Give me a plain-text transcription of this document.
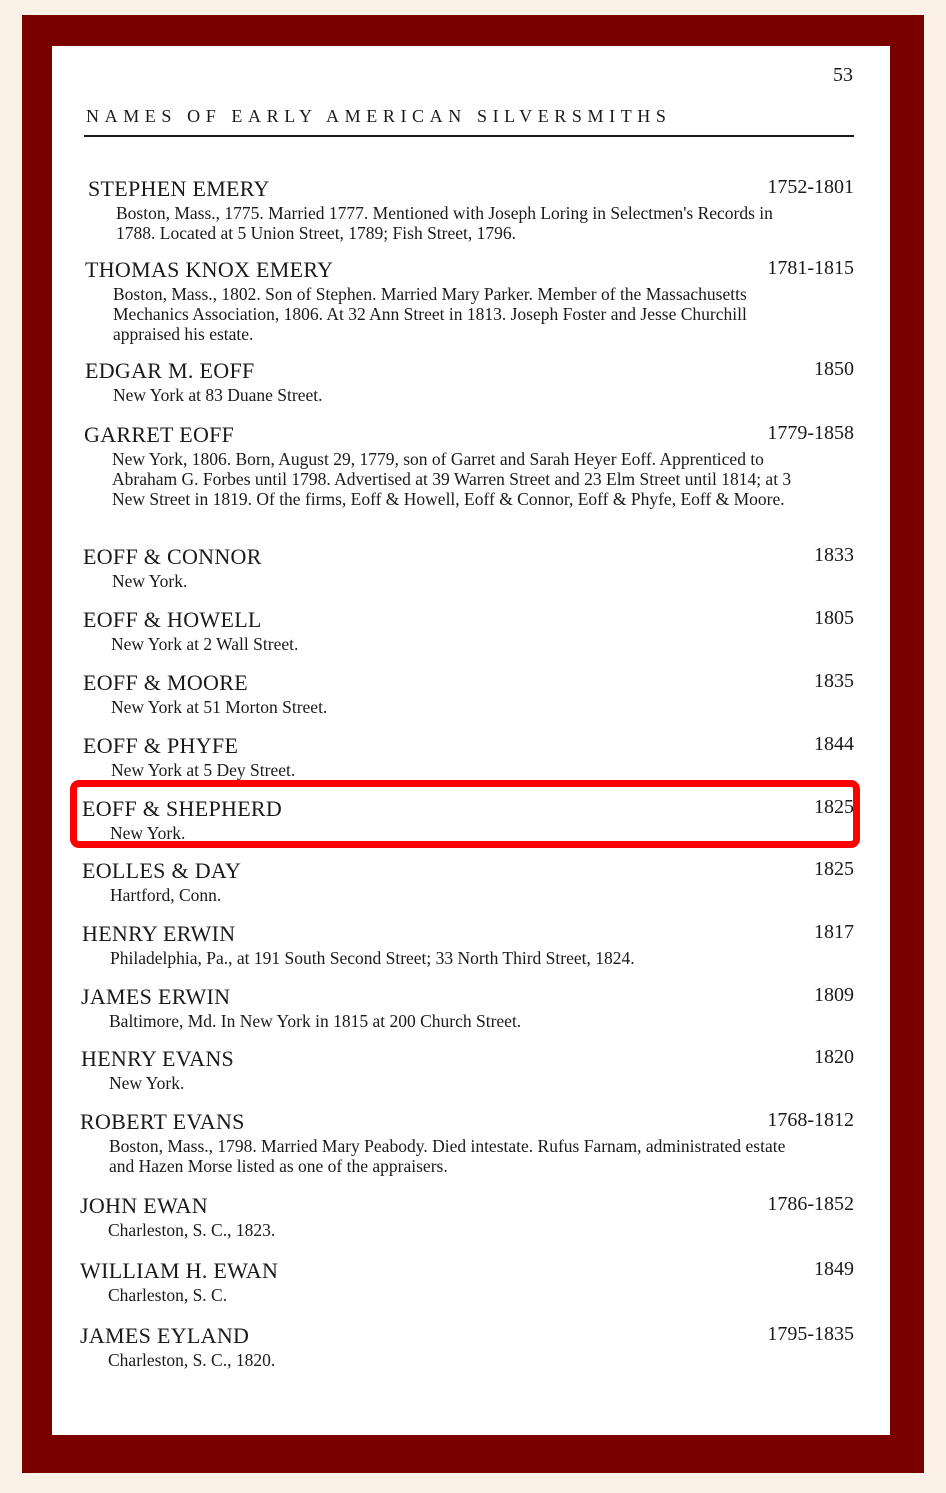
53
NAMES OF EARLY AMERICAN SILVERSMITHS
STEPHEN EMERY	1752-1801
Boston, Mass., 1775. Married 1777. Mentioned with Joseph Loring in Selectmen's Records in 1788. Located at 5 Union Street, 1789; Fish Street, 1796.
THOMAS KNOX EMERY	1781-1815
Boston, Mass., 1802. Son of Stephen. Married Mary Parker. Member of the Massachusetts Mechanics Association, 1806. At 32 Ann Street in 1813. Joseph Foster and Jesse Churchill appraised his estate.
EDGAR M. EOFF	1850
New York at 83 Duane Street.
GARRET EOFF	1779-1858
New York, 1806. Born, August 29, 1779, son of Garret and Sarah Heyer Eoff. Apprenticed to Abraham G. Forbes until 1798. Advertised at 39 Warren Street and 23 Elm Street until 1814; at 3 New Street in 1819. Of the firms, Eoff & Howell, Eoff & Connor, Eoff & Phyfe, Eoff & Moore.
EOFF & CONNOR	1833
New York.
EOFF & HOWELL	1805
New York at 2 Wall Street.
EOFF & MOORE	1835
New York at 51 Morton Street.
EOFF & PHYFE	1844
New York at 5 Dey Street.
EOFF & SHEPHERD	1825
New York.
EOLLES & DAY	1825
Hartford, Conn.
HENRY ERWIN	1817
Philadelphia, Pa., at 191 South Second Street; 33 North Third Street, 1824.
JAMES ERWIN	1809
Baltimore, Md. In New York in 1815 at 200 Church Street.
HENRY EVANS	1820
New York.
ROBERT EVANS	1768-1812
Boston, Mass., 1798. Married Mary Peabody. Died intestate. Rufus Farnam, administrated estate and Hazen Morse listed as one of the appraisers.
JOHN EWAN	1786-1852
Charleston, S. C., 1823.
WILLIAM H. EWAN	1849
Charleston, S. C.
JAMES EYLAND	1795-1835
Charleston, S. C., 1820.
